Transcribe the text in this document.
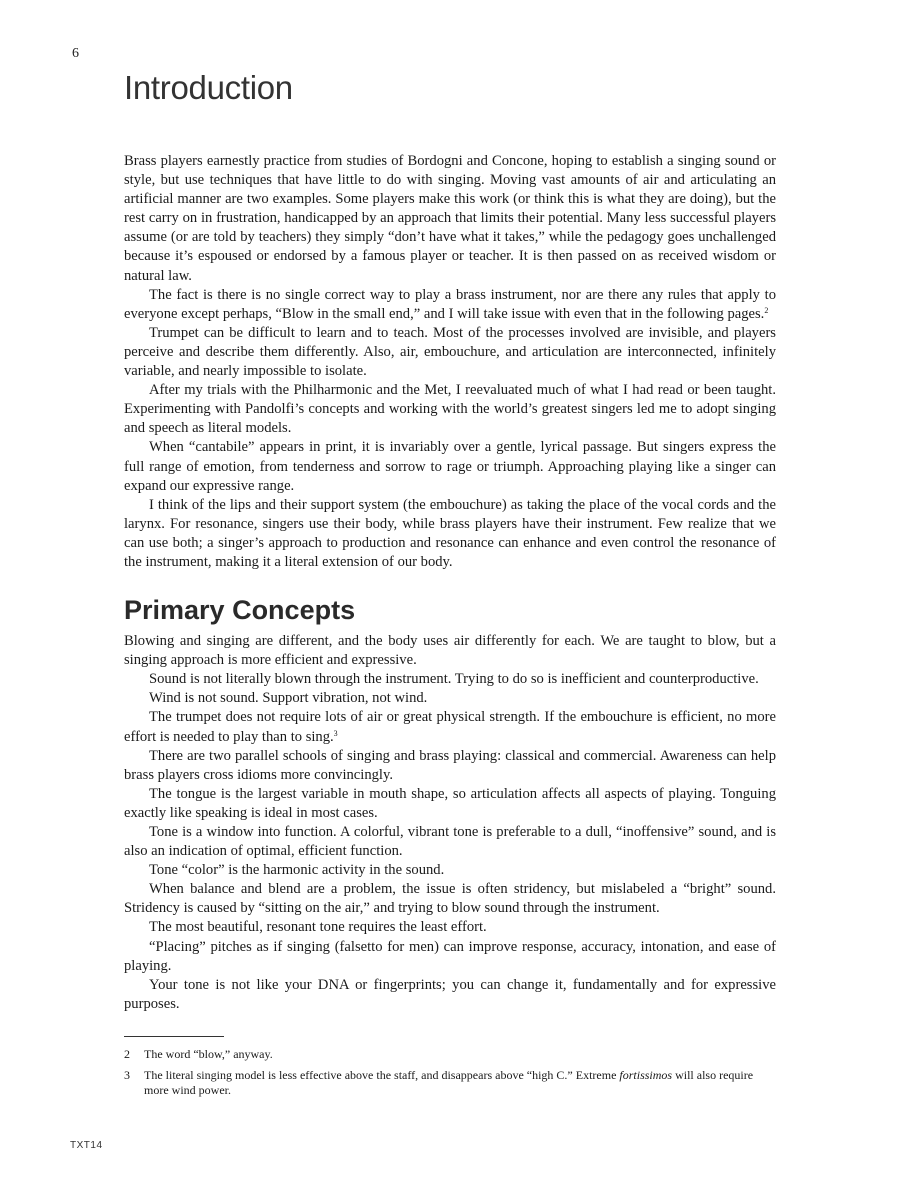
6
Introduction

Brass players earnestly practice from studies of Bordogni and Concone, hoping to establish a singing sound or style, but use techniques that have little to do with singing. Moving vast amounts of air and articulating an artificial manner are two examples. Some players make this work (or think this is what they are doing), but the rest carry on in frustration, handicapped by an approach that limits their potential. Many less successful players assume (or are told by teachers) they simply “don’t have what it takes,” while the pedagogy goes unchallenged because it’s espoused or endorsed by a famous player or teacher. It is then passed on as received wisdom or natural law.

The fact is there is no single correct way to play a brass instrument, nor are there any rules that apply to everyone except perhaps, “Blow in the small end,” and I will take issue with even that in the following pages.$^2$

Trumpet can be difficult to learn and to teach. Most of the processes involved are invisible, and players perceive and describe them differently. Also, air, embouchure, and articulation are interconnected, infinitely variable, and nearly impossible to isolate.

After my trials with the Philharmonic and the Met, I reevaluated much of what I had read or been taught. Experimenting with Pandolfi’s concepts and working with the world’s greatest singers led me to adopt singing and speech as literal models.

When “cantabile” appears in print, it is invariably over a gentle, lyrical passage. But singers express the full range of emotion, from tenderness and sorrow to rage or triumph. Approaching playing like a singer can expand our expressive range.

I think of the lips and their support system (the embouchure) as taking the place of the vocal cords and the larynx. For resonance, singers use their body, while brass players have their instrument. Few realize that we can use both; a singer’s approach to production and resonance can enhance and even control the resonance of the instrument, making it a literal extension of our body.

Primary Concepts

Blowing and singing are different, and the body uses air differently for each. We are taught to blow, but a singing approach is more efficient and expressive.

Sound is not literally blown through the instrument. Trying to do so is inefficient and counterproductive.

Wind is not sound. Support vibration, not wind.

The trumpet does not require lots of air or great physical strength. If the embouchure is efficient, no more effort is needed to play than to sing.$^3$

There are two parallel schools of singing and brass playing: classical and commercial. Awareness can help brass players cross idioms more convincingly.

The tongue is the largest variable in mouth shape, so articulation affects all aspects of playing. Tonguing exactly like speaking is ideal in most cases.

Tone is a window into function. A colorful, vibrant tone is preferable to a dull, “inoffensive” sound, and is also an indication of optimal, efficient function.

Tone “color” is the harmonic activity in the sound.

When balance and blend are a problem, the issue is often stridency, but mislabeled a “bright” sound. Stridency is caused by “sitting on the air,” and trying to blow sound through the instrument.

The most beautiful, resonant tone requires the least effort.

“Placing” pitches as if singing (falsetto for men) can improve response, accuracy, intonation, and ease of playing.

Your tone is not like your DNA or fingerprints; you can change it, fundamentally and for expressive purposes.

2	The word “blow,” anyway.
3	The literal singing model is less effective above the staff, and disappears above “high C.” Extreme fortissimos will also require more wind power.
TXT14
